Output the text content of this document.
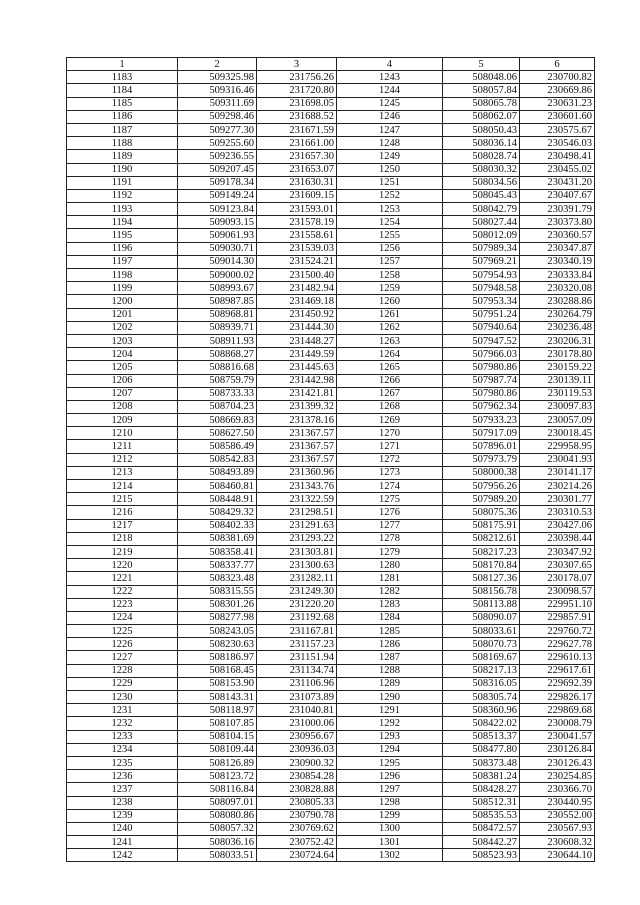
1	2	3	4	5	6
1183	509325.98	231756.26	1243	508048.06	230700.82
1184	509316.46	231720.80	1244	508057.84	230669.86
1185	509311.69	231698.05	1245	508065.78	230631.23
1186	509298.46	231688.52	1246	508062.07	230601.60
1187	509277.30	231671.59	1247	508050.43	230575.67
1188	509255.60	231661.00	1248	508036.14	230546.03
1189	509236.55	231657.30	1249	508028.74	230498.41
1190	509207.45	231653.07	1250	508030.32	230455.02
1191	509178.34	231630.31	1251	508034.56	230431.20
1192	509149.24	231609.15	1252	508045.43	230407.67
1193	509123.84	231593.01	1253	508042.79	230391.79
1194	509093.15	231578.19	1254	508027.44	230373.80
1195	509061.93	231558.61	1255	508012.09	230360.57
1196	509030.71	231539.03	1256	507989.34	230347.87
1197	509014.30	231524.21	1257	507969.21	230340.19
1198	509000.02	231500.40	1258	507954.93	230333.84
1199	508993.67	231482.94	1259	507948.58	230320.08
1200	508987.85	231469.18	1260	507953.34	230288.86
1201	508968.81	231450.92	1261	507951.24	230264.79
1202	508939.71	231444.30	1262	507940.64	230236.48
1203	508911.93	231448.27	1263	507947.52	230206.31
1204	508868.27	231449.59	1264	507966.03	230178.80
1205	508816.68	231445.63	1265	507980.86	230159.22
1206	508759.79	231442.98	1266	507987.74	230139.11
1207	508733.33	231421.81	1267	507980.86	230119.53
1208	508704.23	231399.32	1268	507962.34	230097.83
1209	508669.83	231378.16	1269	507933.23	230057.09
1210	508627.50	231367.57	1270	507917.09	230018.45
1211	508586.49	231367.57	1271	507896.01	229958.95
1212	508542.83	231367.57	1272	507973.79	230041.93
1213	508493.89	231360.96	1273	508000.38	230141.17
1214	508460.81	231343.76	1274	507956.26	230214.26
1215	508448.91	231322.59	1275	507989.20	230301.77
1216	508429.32	231298.51	1276	508075.36	230310.53
1217	508402.33	231291.63	1277	508175.91	230427.06
1218	508381.69	231293.22	1278	508212.61	230398.44
1219	508358.41	231303.81	1279	508217.23	230347.92
1220	508337.77	231300.63	1280	508170.84	230307.65
1221	508323.48	231282.11	1281	508127.36	230178.07
1222	508315.55	231249.30	1282	508156.78	230098.57
1223	508301.26	231220.20	1283	508113.88	229951.10
1224	508277.98	231192.68	1284	508090.07	229857.91
1225	508243.05	231167.81	1285	508033.61	229760.72
1226	508230.63	231157.23	1286	508070.73	229627.78
1227	508186.97	231151.94	1287	508169.67	229610.13
1228	508168.45	231134.74	1288	508217.13	229617.61
1229	508153.90	231106.96	1289	508316.05	229692.39
1230	508143.31	231073.89	1290	508305.74	229826.17
1231	508118.97	231040.81	1291	508360.96	229869.68
1232	508107.85	231000.06	1292	508422.02	230008.79
1233	508104.15	230956.67	1293	508513.37	230041.57
1234	508109.44	230936.03	1294	508477.80	230126.84
1235	508126.89	230900.32	1295	508373.48	230126.43
1236	508123.72	230854.28	1296	508381.24	230254.85
1237	508116.84	230828.88	1297	508428.27	230366.70
1238	508097.01	230805.33	1298	508512.31	230440.95
1239	508080.86	230790.78	1299	508535.53	230552.00
1240	508057.32	230769.62	1300	508472.57	230567.93
1241	508036.16	230752.42	1301	508442.27	230608.32
1242	508033.51	230724.64	1302	508523.93	230644.10
